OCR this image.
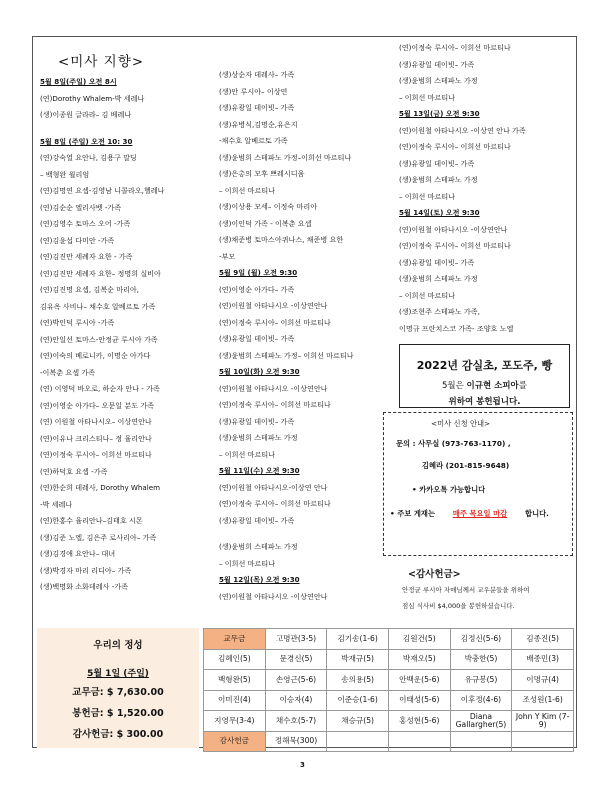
<미사 지향>
5월 8일(주일) 오전 8시
(연)Dorothy Whalem-박 세레나
(생)이종원 글라라– 김 베레나
5월 8일 (주일) 오전 10: 30
(연)강숙열 요안나, 김용구 말딩
– 백형완 윌리엄
(연)김명연 요셉-김영남 니콜라오,헬레나
(연)김순순 엘리사벳 -가족
(연)김영수 토마스 오어 -가족
(연)김윤섭 다미안 -가족
(연)김진만 세례자 요한 - 가족
(연)김진만 세례자 요한– 정명희 실비아
(연)김진명 요셉, 김복순 마리아,
김유옥 사비나– 채수호 알베르토 가족
(연)박인덕 루시아 -가족
(연)안일선 토마스-안정균 루시아 가족
(연)이숙의 베로니카, 이명순 아가다
-이복춘 요셉 가족
(연) 이영덕 바오로, 하순자 안나 - 가족
(연)이영순 아가다– 오문일 분도 가족
(연) 이원철 아타나시오– 이상연안나
(연)이유나 크리스티나– 정 율리안나
(연)이정숙 루시아– 이희선 마르티나
(연)하덕호 요셉 -가족
(연)한순희 데레사, Dorothy Whalem
-박 세레나
(연)한홍수 율리안나–김태호 시몬
(생)김준 노엘, 김은주 로사리아– 가족
(생)김경애 요안나– 대녀
(생)박경자 마리 리디아– 가족
(생)백명화 소화데레사 -가족
(생)상순자 데레사– 가족
(생)안 루시아– 이상연
(생)유광일 데이빗– 가족
(생)유병식,김명순,유은지
-채수호 알베르토 가족
(생)윤범희 스테파노 가정–이희선 마르티나
(생)은총의 모후 쁘레시디움
– 이희선 마르티나
(생)이상용 모세– 이정숙 마리아
(생)이인덕 가족 - 이복춘 요셉
(생)채준병 토마스아퀴나스, 채준병 요한
-부모
5월 9일 (월) 오전 9:30
(연)이영순 아가다– 가족
(연)이원철 아타나시오 -이상연안나
(연)이정숙 루시아– 이희선 마르티나
(생)유광일 데이빗– 가족
(생)윤범희 스테파노 가정– 이희선 마르티나
5월 10일(화) 오전 9:30
(연)이원철 아타나시오 -이상연안나
(연)이정숙 루시아– 이희선 마르티나
(생)유광일 데이빗– 가족
(생)윤범희 스테파노 가정
– 이희선 마르티나
5월 11일(수) 오전 9:30
(연)이원철 아타나시오-이상연 안나
(연)이정숙 루시아– 이희선 마르티나
(생)유광일 데이빗– 가족
(생)윤범희 스테파노 가정
– 이희선 마르티나
5월 12일(목) 오전 9:30
(연)이원철 아타나시오 -이상연안나
(연)이정숙 루시아– 이희선 마르티나
(생)유광일 데이빗– 가족
(생)윤범희 스테파노 가정
– 이희선 마르티나
5월 13일(금) 오전 9:30
(연)이원철 아타나시오 -이상연 안나 가족
(연)이정숙 루시아– 이희선 마르티나
(생)유광일 데이빗– 가족
(생)윤범희 스테파노 가정
– 이희선 마르티나
5월 14일(토) 오전 9:30
(연)이원철 아타나시오 -이상연안나
(연)이정숙 루시아– 이희선 마르티나
(생)유광일 데이빗– 가족
(생)윤범희 스테파노 가정
– 이희선 마르티나
(생)조현주 스테파노 가족,
이명규 프란치스코 가족- 조양호 노엘
2022년 감실초, 포도주, 빵
5월은 이규현 소피아를
위하여 봉헌됩니다.
<미사 신청 안내>
문의 : 사무실 (973-763-1170) ,
김혜라 (201-815-9648)
• 카카오톡 가능합니다
• 주보 게재는 매주 목요일 마감 합니다.
<감사헌금>
안정균 루시아 자매님께서 교우분들을 위하여
점심 식사비 $4,000을 봉헌하셨습니다.
우리의 정성
5월 1일 (주일)
교무금: $ 7,630.00
봉헌금: $ 1,520.00
감사헌금: $ 300.00
교무금	고명관(3-5)	김기송(1-6)	김원건(5)	김정신(5-6)	김종진(5)
김혜인(5)	문경신(5)	박재규(5)	박재오(5)	박충한(5)	배종민(3)
백형완(5)	손영근(5-6)	송의용(5)	안백운(5-6)	유규봉(5)	이명규(4)
이미진(4)	이승자(4)	이준승(1-6)	이태성(5-6)	이후정(4-6)	조성원(1-6)
지영무(3-4)	채수호(5-7)	채승규(5)	홍성현(5-6)	Diana Gallargher(5)	John Y Kim (7-9)
감사헌금	정해묵(300)				
3
